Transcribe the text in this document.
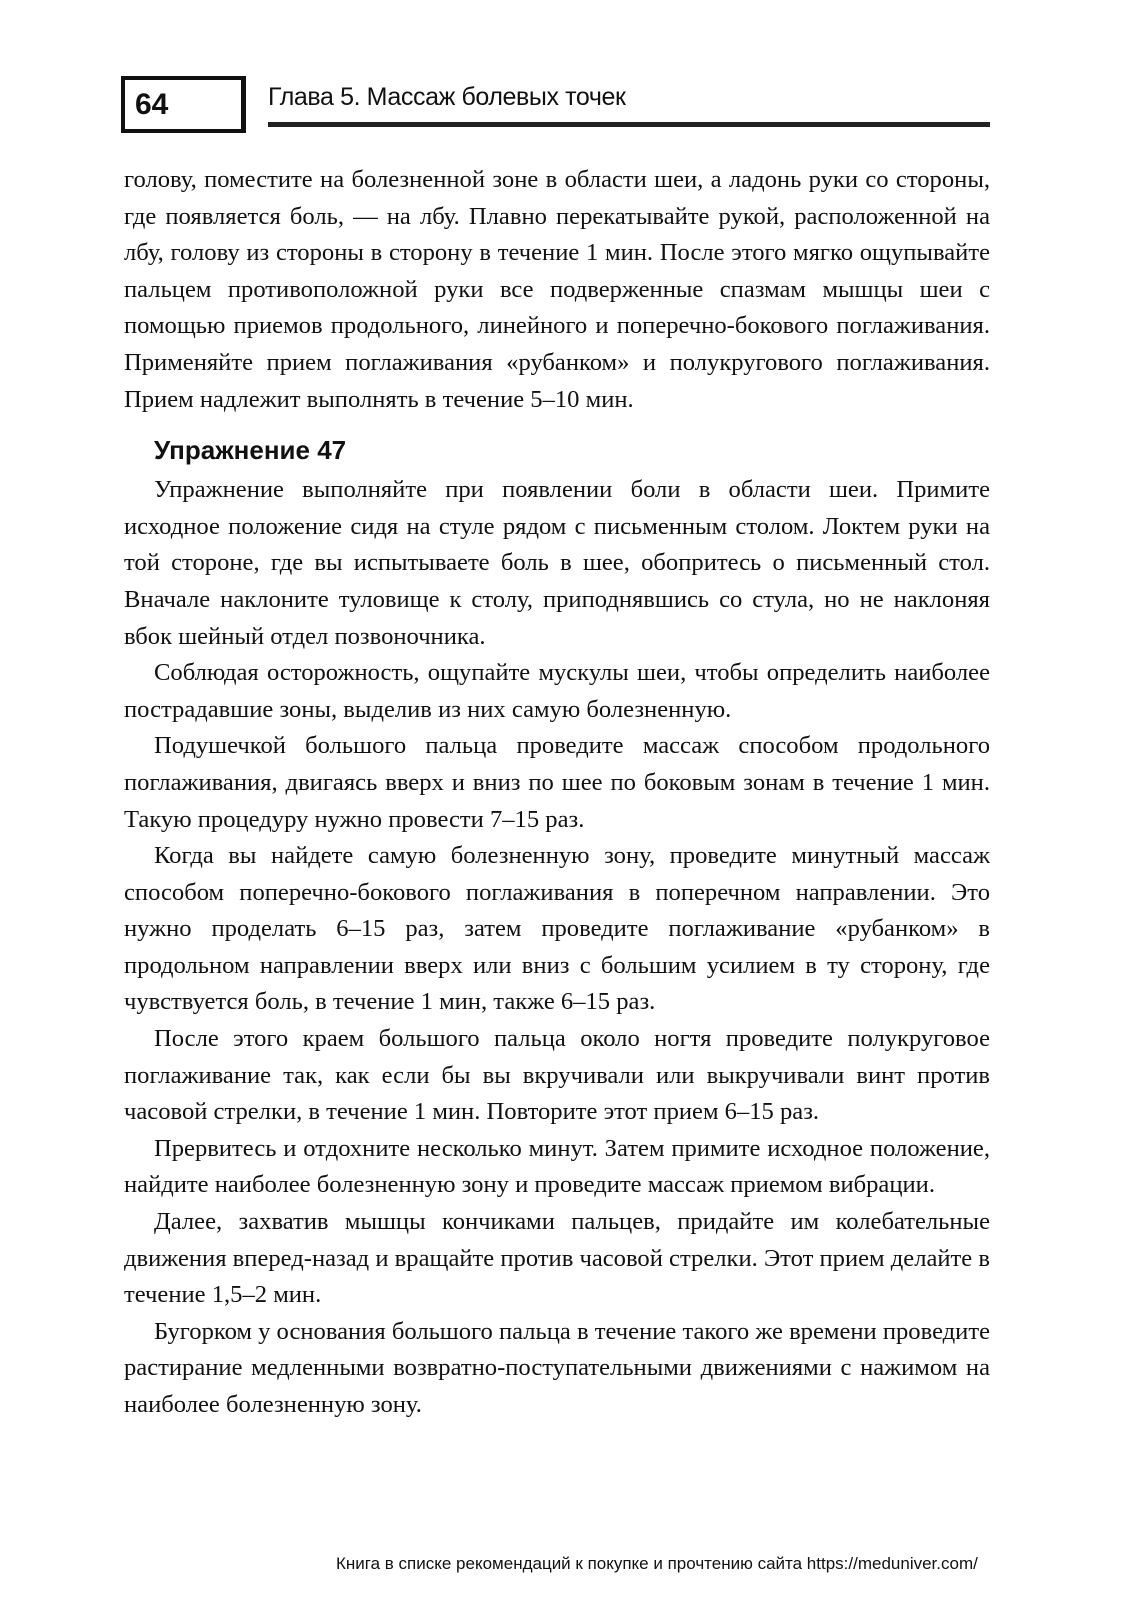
64	Глава 5. Массаж болевых точек

голову, поместите на болезненной зоне в области шеи, а ладонь руки со стороны, где появляется боль, — на лбу. Плавно перекатывайте рукой, расположенной на лбу, голову из стороны в сторону в течение 1 мин. После этого мягко ощупывайте пальцем противоположной руки все подверженные спазмам мышцы шеи с помощью приемов продольного, линейного и поперечно-бокового поглаживания. Применяйте прием поглаживания «рубанком» и полукругового поглаживания. Прием надлежит выполнять в течение 5–10 мин.

Упражнение 47

Упражнение выполняйте при появлении боли в области шеи. Примите исходное положение сидя на стуле рядом с письменным столом. Локтем руки на той стороне, где вы испытываете боль в шее, обопритесь о письменный стол. Вначале наклоните туловище к столу, приподнявшись со стула, но не наклоняя вбок шейный отдел позвоночника.

Соблюдая осторожность, ощупайте мускулы шеи, чтобы определить наиболее пострадавшие зоны, выделив из них самую болезненную.

Подушечкой большого пальца проведите массаж способом продольного поглаживания, двигаясь вверх и вниз по шее по боковым зонам в течение 1 мин. Такую процедуру нужно провести 7–15 раз.

Когда вы найдете самую болезненную зону, проведите минутный массаж способом поперечно-бокового поглаживания в поперечном направлении. Это нужно проделать 6–15 раз, затем проведите поглаживание «рубанком» в продольном направлении вверх или вниз с большим усилием в ту сторону, где чувствуется боль, в течение 1 мин, также 6–15 раз.

После этого краем большого пальца около ногтя проведите полукруговое поглаживание так, как если бы вы вкручивали или выкручивали винт против часовой стрелки, в течение 1 мин. Повторите этот прием 6–15 раз.

Прервитесь и отдохните несколько минут. Затем примите исходное положение, найдите наиболее болезненную зону и проведите массаж приемом вибрации.

Далее, захватив мышцы кончиками пальцев, придайте им колебательные движения вперед-назад и вращайте против часовой стрелки. Этот прием делайте в течение 1,5–2 мин.

Бугорком у основания большого пальца в течение такого же времени проведите растирание медленными возвратно-поступательными движениями с нажимом на наиболее болезненную зону.

Книга в списке рекомендаций к покупке и прочтению сайта https://meduniver.com/
